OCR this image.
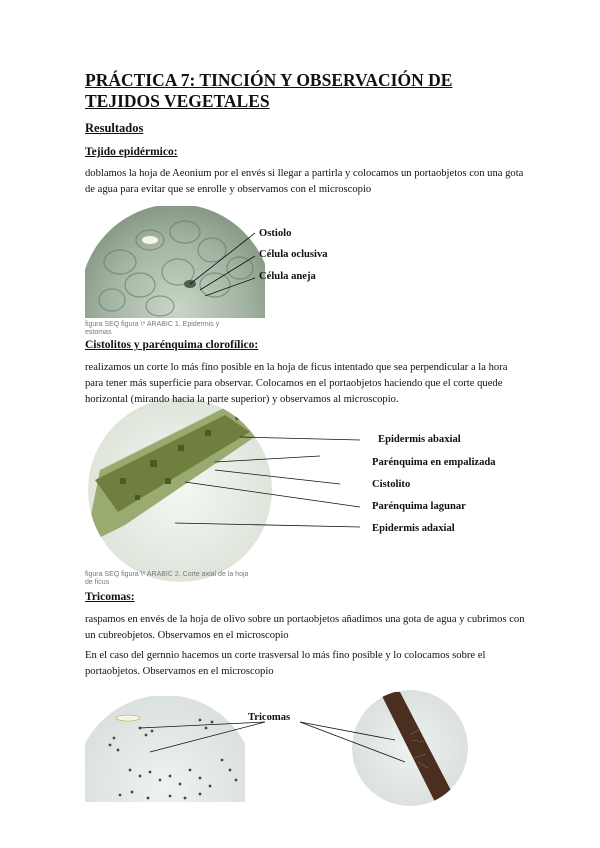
PRÁCTICA 7: TINCIÓN Y OBSERVACIÓN DE TEJIDOS VEGETALES
Resultados
Tejido epidérmico:
doblamos la hoja de Aeonium por el envés si llegar a partirla y colocamos un portaobjetos con una gota de agua para evitar que se enrolle y observamos con el microscopio
Ostiolo
Célula oclusiva
Célula aneja
figura SEQ figura \* ARABIC 1. Epidermis y estomas
Cistolitos y parénquima clorofílico:
realizamos un corte lo más fino posible en la hoja de ficus intentado que sea perpendicular a la hora para tener más superficie para observar. Colocamos en el portaobjetos haciendo que el corte quede horizontal (mirando hacia la parte superior) y observamos al microscopio.
Epidermis abaxial
Parénquima en empalizada
Cistolito
Parénquima lagunar
Epidermis adaxial
figura SEQ figura \* ARABIC 2. Corte axial de la hoja de ficus
Tricomas:
raspamos en envés de la hoja de olivo sobre un portaobjetos añadimos una gota de agua y cubrimos con un cubreobjetos. Observamos en el microscopio
En el caso del gernnio hacemos un corte trasversal lo más fino posible y lo colocamos sobre el portaobjetos. Observamos en el microscopio
Tricomas
